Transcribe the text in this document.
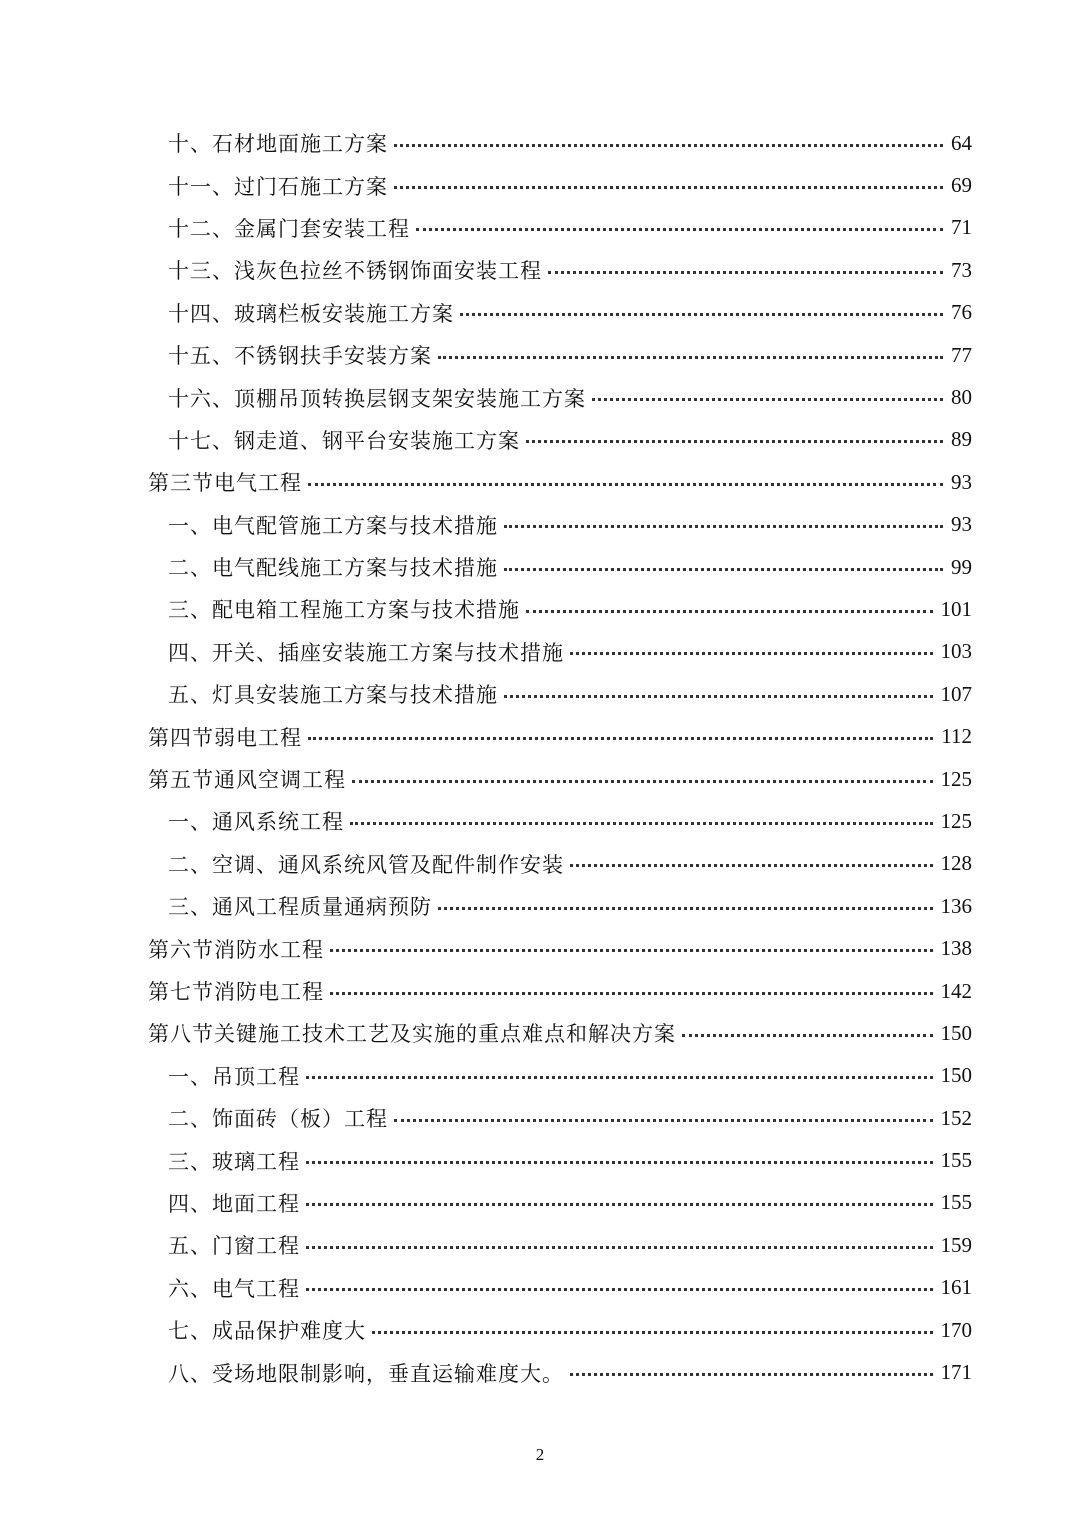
十、石材地面施工方案	64
十一、过门石施工方案	69
十二、金属门套安装工程	71
十三、浅灰色拉丝不锈钢饰面安装工程	73
十四、玻璃栏板安装施工方案	76
十五、不锈钢扶手安装方案	77
十六、顶棚吊顶转换层钢支架安装施工方案	80
十七、钢走道、钢平台安装施工方案	89
第三节电气工程	93
一、电气配管施工方案与技术措施	93
二、电气配线施工方案与技术措施	99
三、配电箱工程施工方案与技术措施	101
四、开关、插座安装施工方案与技术措施	103
五、灯具安装施工方案与技术措施	107
第四节弱电工程	112
第五节通风空调工程	125
一、通风系统工程	125
二、空调、通风系统风管及配件制作安装	128
三、通风工程质量通病预防	136
第六节消防水工程	138
第七节消防电工程	142
第八节关键施工技术工艺及实施的重点难点和解决方案	150
一、吊顶工程	150
二、饰面砖（板）工程	152
三、玻璃工程	155
四、地面工程	155
五、门窗工程	159
六、电气工程	161
七、成品保护难度大	170
八、受场地限制影响，垂直运输难度大。	171
2
